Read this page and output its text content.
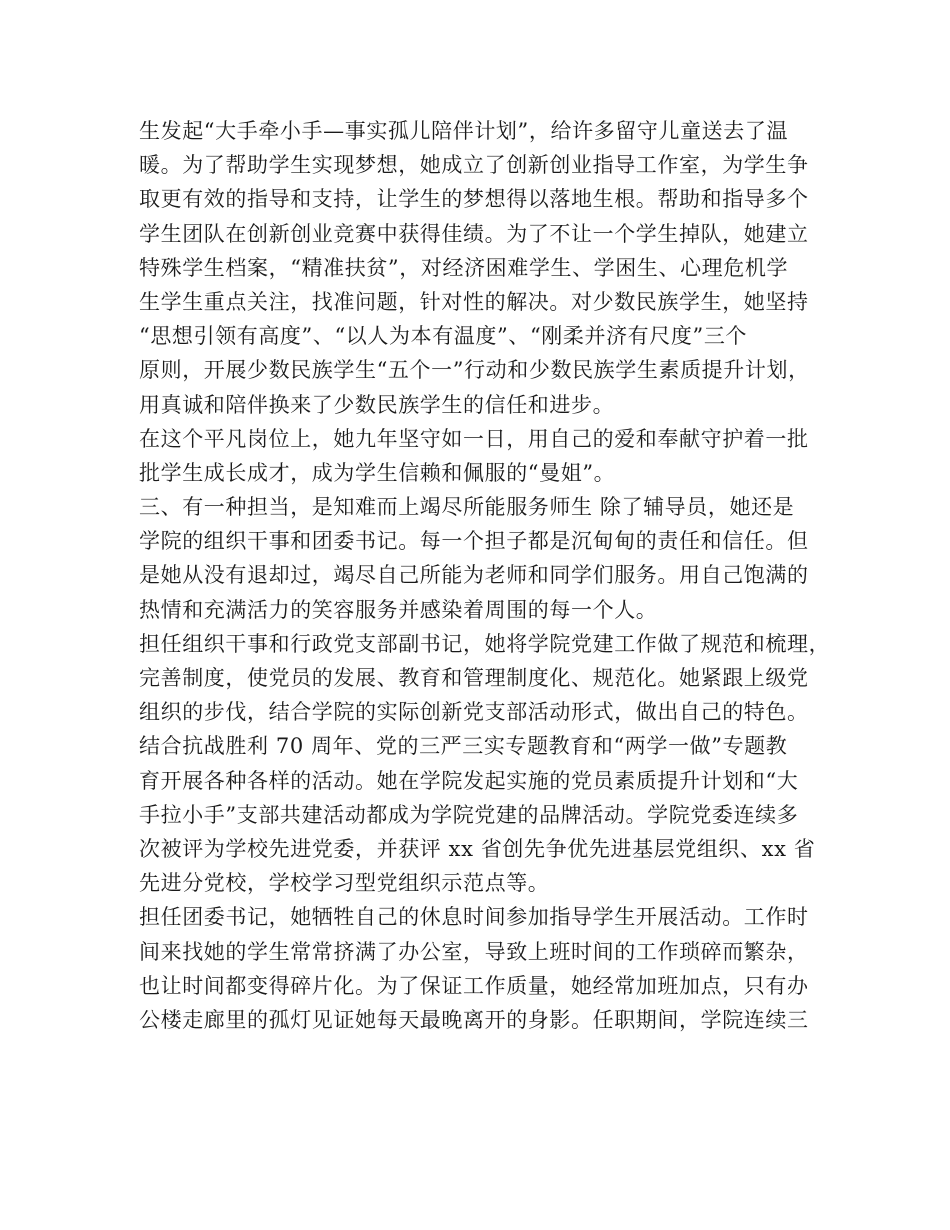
生发起“大手牵小手—事实孤儿陪伴计划”，给许多留守儿童送去了温
暖。为了帮助学生实现梦想，她成立了创新创业指导工作室，为学生争
取更有效的指导和支持，让学生的梦想得以落地生根。帮助和指导多个
学生团队在创新创业竞赛中获得佳绩。为了不让一个学生掉队，她建立
特殊学生档案，“精准扶贫”，对经济困难学生、学困生、心理危机学
生学生重点关注，找准问题，针对性的解决。对少数民族学生，她坚持
“思想引领有高度”、“以人为本有温度”、“刚柔并济有尺度”三个
原则，开展少数民族学生“五个一”行动和少数民族学生素质提升计划，
用真诚和陪伴换来了少数民族学生的信任和进步。
在这个平凡岗位上，她九年坚守如一日，用自己的爱和奉献守护着一批
批学生成长成才，成为学生信赖和佩服的“曼姐”。
三、有一种担当，是知难而上竭尽所能服务师生 除了辅导员，她还是
学院的组织干事和团委书记。每一个担子都是沉甸甸的责任和信任。但
是她从没有退却过，竭尽自己所能为老师和同学们服务。用自己饱满的
热情和充满活力的笑容服务并感染着周围的每一个人。
担任组织干事和行政党支部副书记，她将学院党建工作做了规范和梳理，
完善制度，使党员的发展、教育和管理制度化、规范化。她紧跟上级党
组织的步伐，结合学院的实际创新党支部活动形式，做出自己的特色。
结合抗战胜利 70 周年、党的三严三实专题教育和“两学一做”专题教
育开展各种各样的活动。她在学院发起实施的党员素质提升计划和“大
手拉小手”支部共建活动都成为学院党建的品牌活动。学院党委连续多
次被评为学校先进党委，并获评 xx 省创先争优先进基层党组织、xx 省
先进分党校，学校学习型党组织示范点等。
担任团委书记，她牺牲自己的休息时间参加指导学生开展活动。工作时
间来找她的学生常常挤满了办公室，导致上班时间的工作琐碎而繁杂，
也让时间都变得碎片化。为了保证工作质量，她经常加班加点，只有办
公楼走廊里的孤灯见证她每天最晚离开的身影。任职期间，学院连续三
